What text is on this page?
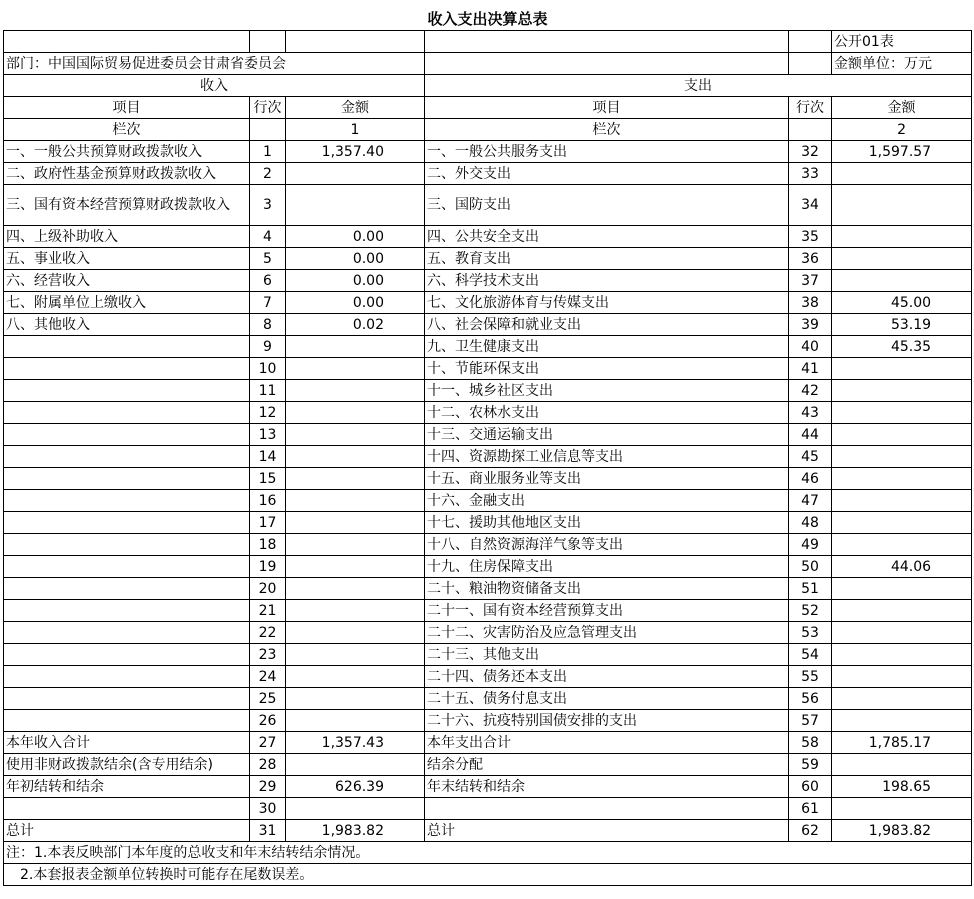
收入支出决算总表					
					公开01表
部门：中国国际贸易促进委员会甘肃省委员会					金额单位：万元
收入			支出		
项目	行次	金额	项目	行次	金额
栏次		1	栏次		2
一、一般公共预算财政拨款收入	1	1,357.40	一、一般公共服务支出	32	1,597.57
二、政府性基金预算财政拨款收入	2		二、外交支出	33	
三、国有资本经营预算财政拨款收入	3		三、国防支出	34	
四、上级补助收入	4	0.00	四、公共安全支出	35	
五、事业收入	5	0.00	五、教育支出	36	
六、经营收入	6	0.00	六、科学技术支出	37	
七、附属单位上缴收入	7	0.00	七、文化旅游体育与传媒支出	38	45.00
八、其他收入	8	0.02	八、社会保障和就业支出	39	53.19
	9		九、卫生健康支出	40	45.35
	10		十、节能环保支出	41	
	11		十一、城乡社区支出	42	
	12		十二、农林水支出	43	
	13		十三、交通运输支出	44	
	14		十四、资源勘探工业信息等支出	45	
	15		十五、商业服务业等支出	46	
	16		十六、金融支出	47	
	17		十七、援助其他地区支出	48	
	18		十八、自然资源海洋气象等支出	49	
	19		十九、住房保障支出	50	44.06
	20		二十、粮油物资储备支出	51	
	21		二十一、国有资本经营预算支出	52	
	22		二十二、灾害防治及应急管理支出	53	
	23		二十三、其他支出	54	
	24		二十四、债务还本支出	55	
	25		二十五、债务付息支出	56	
	26		二十六、抗疫特别国债安排的支出	57	
本年收入合计	27	1,357.43	本年支出合计	58	1,785.17
使用非财政拨款结余(含专用结余)	28		结余分配	59	
年初结转和结余	29	626.39	年末结转和结余	60	198.65
	30			61	
总计	31	1,983.82	总计	62	1,983.82
注：1.本表反映部门本年度的总收支和年末结转结余情况。					
　2.本套报表金额单位转换时可能存在尾数误差。					
